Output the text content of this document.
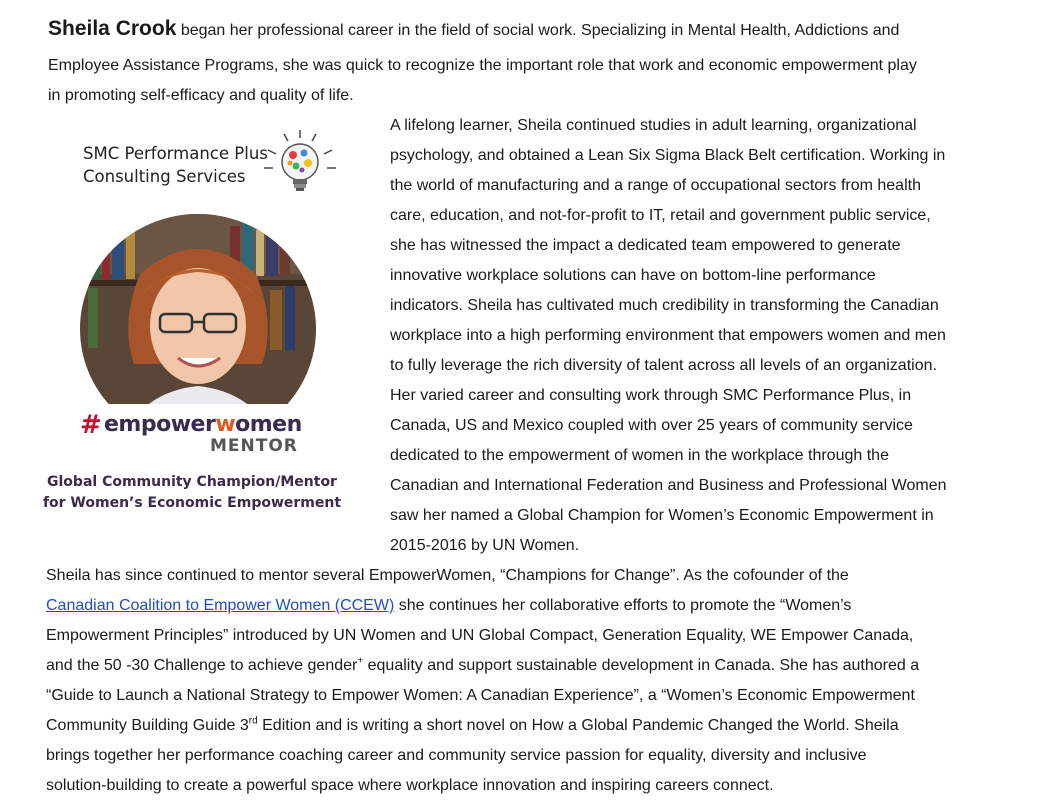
Sheila Crook began her professional career in the field of social work. Specializing in Mental Health, Addictions and
Employee Assistance Programs, she was quick to recognize the important role that work and economic empowerment play
in promoting self-efficacy and quality of life.
SMC Performance Plus
Consulting Services
# empowerwomen
MENTOR
Global Community Champion/Mentor
for Women’s Economic Empowerment
A lifelong learner, Sheila continued studies in adult learning, organizational
psychology, and obtained a Lean Six Sigma Black Belt certification. Working in
the world of manufacturing and a range of occupational sectors from health
care, education, and not-for-profit to IT, retail and government public service,
she has witnessed the impact a dedicated team empowered to generate
innovative workplace solutions can have on bottom-line performance
indicators. Sheila has cultivated much credibility in transforming the Canadian
workplace into a high performing environment that empowers women and men
to fully leverage the rich diversity of talent across all levels of an organization.
Her varied career and consulting work through SMC Performance Plus, in
Canada, US and Mexico coupled with over 25 years of community service
dedicated to the empowerment of women in the workplace through the
Canadian and International Federation and Business and Professional Women
saw her named a Global Champion for Women’s Economic Empowerment in
2015-2016 by UN Women.
Sheila has since continued to mentor several EmpowerWomen, “Champions for Change”. As the cofounder of the
Canadian Coalition to Empower Women (CCEW) she continues her collaborative efforts to promote the “Women’s
Empowerment Principles” introduced by UN Women and UN Global Compact, Generation Equality, WE Empower Canada,
and the 50 -30 Challenge to achieve gender+ equality and support sustainable development in Canada. She has authored a
“Guide to Launch a National Strategy to Empower Women: A Canadian Experience”, a “Women’s Economic Empowerment
Community Building Guide 3rd Edition and is writing a short novel on How a Global Pandemic Changed the World. Sheila
brings together her performance coaching career and community service passion for equality, diversity and inclusive
solution-building to create a powerful space where workplace innovation and inspiring careers connect.
